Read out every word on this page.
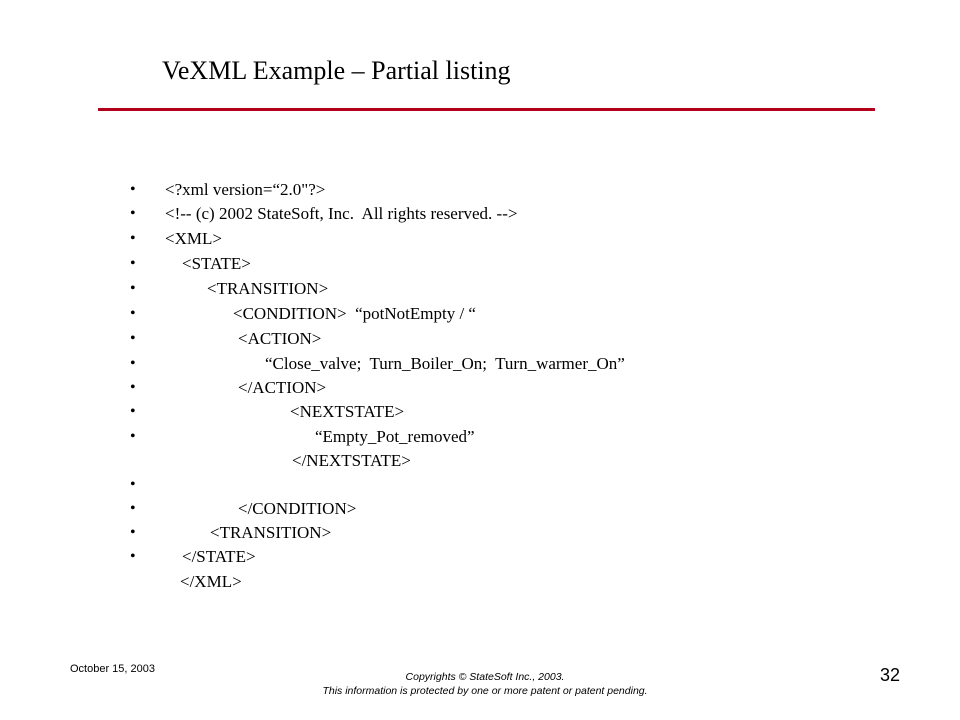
VeXML Example – Partial listing
• <?xml version=“2.0"?>
• <!-- (c) 2002 StateSoft, Inc.  All rights reserved. -->
• <XML>
•	<STATE>
•	<TRANSITION>
•	<CONDITION>  “potNotEmpty / “
•	<ACTION>
•	“Close_valve;  Turn_Boiler_On;  Turn_warmer_On”
•	</ACTION>
•	<NEXTSTATE>
•	“Empty_Pot_removed”
</NEXTSTATE>
•
•	</CONDITION>
•	<TRANSITION>
•	</STATE>
</XML>
October 15, 2003
Copyrights © StateSoft Inc., 2003.
This information is protected by one or more patent or patent pending.
32
